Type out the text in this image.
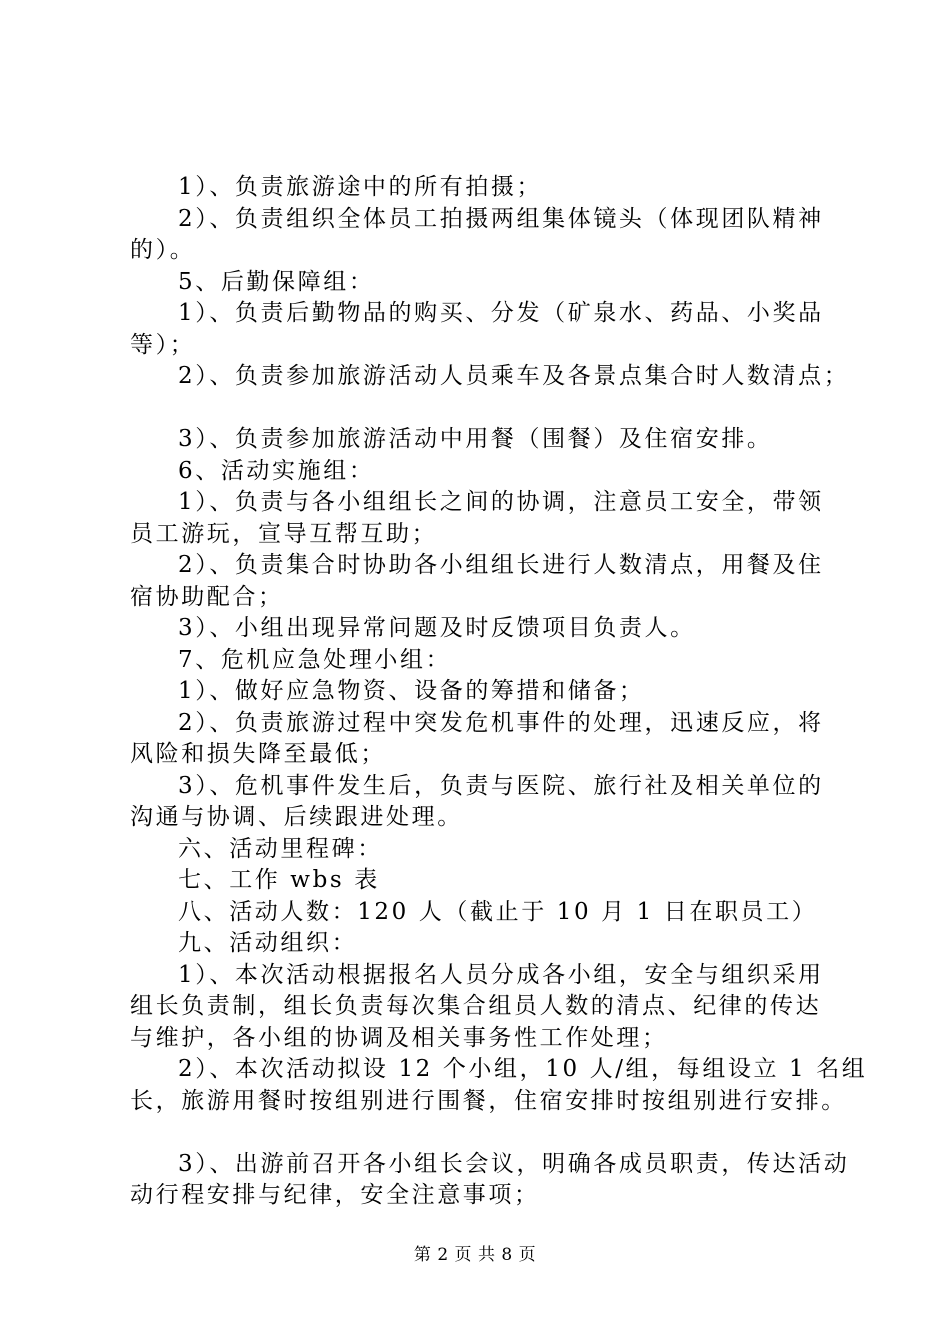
1）、负责旅游途中的所有拍摄；
2）、负责组织全体员工拍摄两组集体镜头（体现团队精神
的）。
5、后勤保障组：
1）、负责后勤物品的购买、分发（矿泉水、药品、小奖品
等）；
2）、负责参加旅游活动人员乘车及各景点集合时人数清点；
3）、负责参加旅游活动中用餐（围餐）及住宿安排。
6、活动实施组：
1）、负责与各小组组长之间的协调，注意员工安全，带领
员工游玩，宣导互帮互助；
2）、负责集合时协助各小组组长进行人数清点，用餐及住
宿协助配合；
3）、小组出现异常问题及时反馈项目负责人。
7、危机应急处理小组：
1）、做好应急物资、设备的筹措和储备；
2）、负责旅游过程中突发危机事件的处理，迅速反应，将
风险和损失降至最低；
3）、危机事件发生后，负责与医院、旅行社及相关单位的
沟通与协调、后续跟进处理。
六、活动里程碑：
七、工作 wbs 表
八、活动人数：120 人（截止于 10 月 1 日在职员工）
九、活动组织：
1）、本次活动根据报名人员分成各小组，安全与组织采用
组长负责制，组长负责每次集合组员人数的清点、纪律的传达
与维护，各小组的协调及相关事务性工作处理；
2）、本次活动拟设 12 个小组，10 人/组，每组设立 1 名组
长，旅游用餐时按组别进行围餐，住宿安排时按组别进行安排。
3）、出游前召开各小组长会议，明确各成员职责，传达活动
动行程安排与纪律，安全注意事项；
第 2 页 共 8 页
